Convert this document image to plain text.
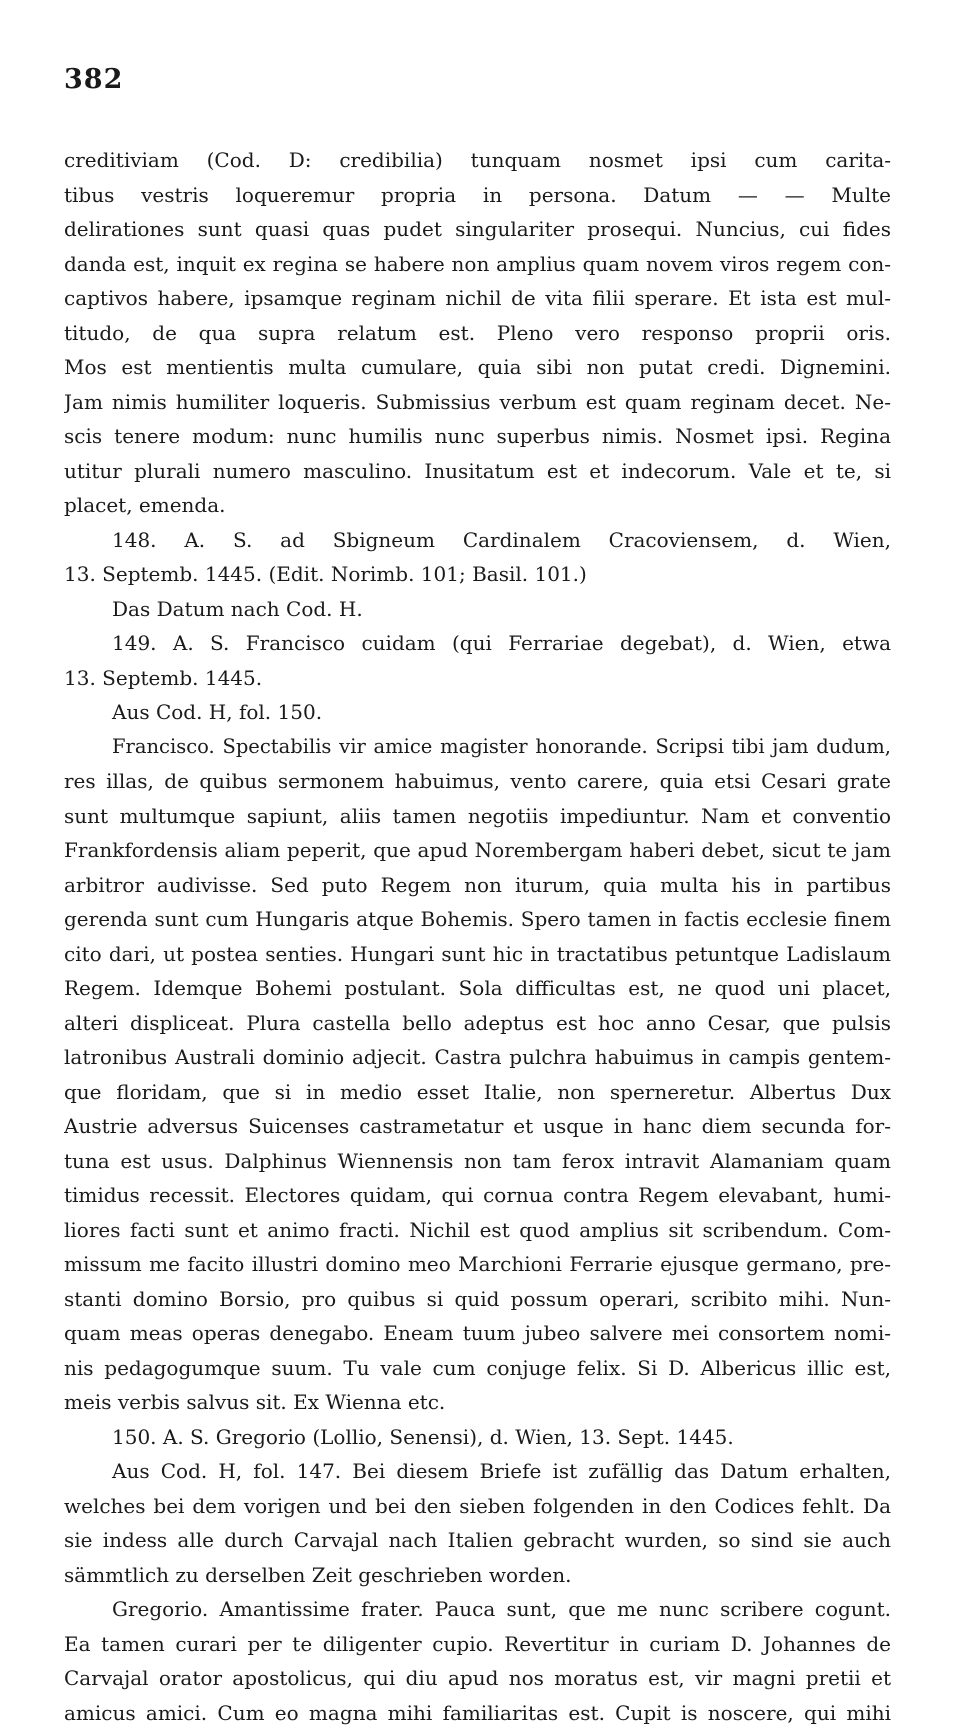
382
creditiviam (Cod. D: credibilia) tunquam nosmet ipsi cum carita-
tibus vestris loqueremur propria in persona. Datum — — Multe
delirationes sunt quasi quas pudet singulariter prosequi. Nuncius, cui fides
danda est, inquit ex regina se habere non amplius quam novem viros regem con-
captivos habere, ipsamque reginam nichil de vita filii sperare. Et ista est mul-
titudo, de qua supra relatum est. Pleno vero responso proprii oris.
Mos est mentientis multa cumulare, quia sibi non putat credi. Dignemini.
Jam nimis humiliter loqueris. Submissius verbum est quam reginam decet. Ne-
scis tenere modum: nunc humilis nunc superbus nimis. Nosmet ipsi. Regina
utitur plurali numero masculino. Inusitatum est et indecorum. Vale et te, si
placet, emenda.
148. A. S. ad Sbigneum Cardinalem Cracoviensem, d. Wien,
13. Septemb. 1445. (Edit. Norimb. 101; Basil. 101.)
Das Datum nach Cod. H.
149. A. S. Francisco cuidam (qui Ferrariae degebat), d. Wien, etwa
13. Septemb. 1445.
Aus Cod. H, fol. 150.
Francisco. Spectabilis vir amice magister honorande. Scripsi tibi jam dudum,
res illas, de quibus sermonem habuimus, vento carere, quia etsi Cesari grate
sunt multumque sapiunt, aliis tamen negotiis impediuntur. Nam et conventio
Frankfordensis aliam peperit, que apud Norembergam haberi debet, sicut te jam
arbitror audivisse. Sed puto Regem non iturum, quia multa his in partibus
gerenda sunt cum Hungaris atque Bohemis. Spero tamen in factis ecclesie finem
cito dari, ut postea senties. Hungari sunt hic in tractatibus petuntque Ladislaum
Regem. Idemque Bohemi postulant. Sola difficultas est, ne quod uni placet,
alteri displiceat. Plura castella bello adeptus est hoc anno Cesar, que pulsis
latronibus Australi dominio adjecit. Castra pulchra habuimus in campis gentem-
que floridam, que si in medio esset Italie, non sperneretur. Albertus Dux
Austrie adversus Suicenses castrametatur et usque in hanc diem secunda for-
tuna est usus. Dalphinus Wiennensis non tam ferox intravit Alamaniam quam
timidus recessit. Electores quidam, qui cornua contra Regem elevabant, humi-
liores facti sunt et animo fracti. Nichil est quod amplius sit scribendum. Com-
missum me facito illustri domino meo Marchioni Ferrarie ejusque germano, pre-
stanti domino Borsio, pro quibus si quid possum operari, scribito mihi. Nun-
quam meas operas denegabo. Eneam tuum jubeo salvere mei consortem nomi-
nis pedagogumque suum. Tu vale cum conjuge felix. Si D. Albericus illic est,
meis verbis salvus sit. Ex Wienna etc.
150. A. S. Gregorio (Lollio, Senensi), d. Wien, 13. Sept. 1445.
Aus Cod. H, fol. 147. Bei diesem Briefe ist zufällig das Datum erhalten,
welches bei dem vorigen und bei den sieben folgenden in den Codices fehlt. Da
sie indess alle durch Carvajal nach Italien gebracht wurden, so sind sie auch
sämmtlich zu derselben Zeit geschrieben worden.
Gregorio. Amantissime frater. Pauca sunt, que me nunc scribere cogunt.
Ea tamen curari per te diligenter cupio. Revertitur in curiam D. Johannes de
Carvajal orator apostolicus, qui diu apud nos moratus est, vir magni pretii et
amicus amici. Cum eo magna mihi familiaritas est. Cupit is noscere, qui mihi
